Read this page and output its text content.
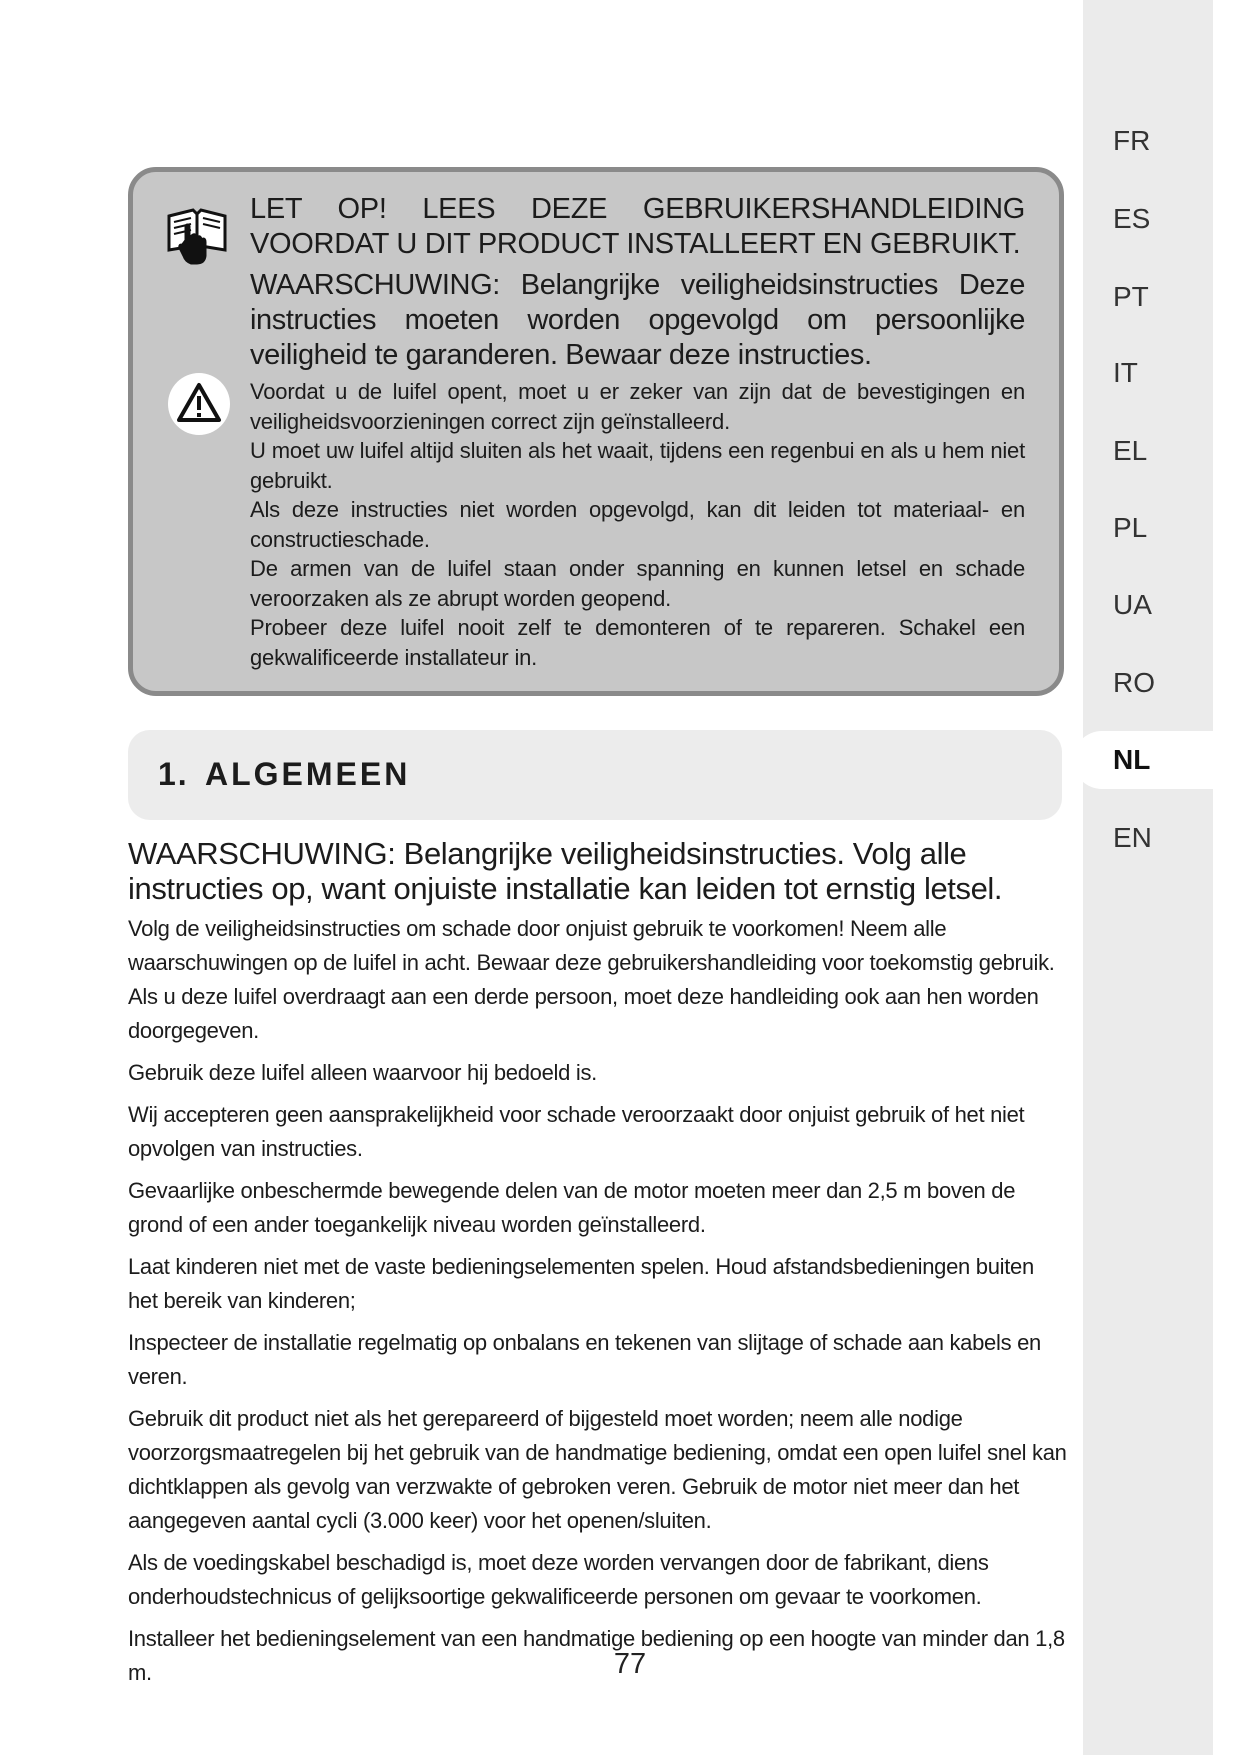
FR
ES
PT
IT
EL
PL
UA
RO
NL
EN

LET OP! LEES DEZE GEBRUIKERSHANDLEIDING VOORDAT U DIT PRODUCT INSTALLEERT EN GEBRUIKT.

WAARSCHUWING: Belangrijke veiligheidsinstructies Deze instructies moeten worden opgevolgd om persoonlijke veiligheid te garanderen. Bewaar deze instructies.

Voordat u de luifel opent, moet u er zeker van zijn dat de bevestigingen en veiligheidsvoorzieningen correct zijn geïnstalleerd.

U moet uw luifel altijd sluiten als het waait, tijdens een regenbui en als u hem niet gebruikt.

Als deze instructies niet worden opgevolgd, kan dit leiden tot materiaal- en constructieschade.

De armen van de luifel staan onder spanning en kunnen letsel en schade veroorzaken als ze abrupt worden geopend.

Probeer deze luifel nooit zelf te demonteren of te repareren. Schakel een gekwalificeerde installateur in.

1. ALGEMEEN

WAARSCHUWING: Belangrijke veiligheidsinstructies. Volg alle instructies op, want onjuiste installatie kan leiden tot ernstig letsel.

Volg de veiligheidsinstructies om schade door onjuist gebruik te voorkomen! Neem alle waarschuwingen op de luifel in acht. Bewaar deze gebruikershandleiding voor toekomstig gebruik. Als u deze luifel overdraagt aan een derde persoon, moet deze handleiding ook aan hen worden doorgegeven.

Gebruik deze luifel alleen waarvoor hij bedoeld is.

Wij accepteren geen aansprakelijkheid voor schade veroorzaakt door onjuist gebruik of het niet opvolgen van instructies.

Gevaarlijke onbeschermde bewegende delen van de motor moeten meer dan 2,5 m boven de grond of een ander toegankelijk niveau worden geïnstalleerd.

Laat kinderen niet met de vaste bedieningselementen spelen. Houd afstandsbedieningen buiten het bereik van kinderen;

Inspecteer de installatie regelmatig op onbalans en tekenen van slijtage of schade aan kabels en veren.

Gebruik dit product niet als het gerepareerd of bijgesteld moet worden; neem alle nodige voorzorgsmaatregelen bij het gebruik van de handmatige bediening, omdat een open luifel snel kan dichtklappen als gevolg van verzwakte of gebroken veren. Gebruik de motor niet meer dan het aangegeven aantal cycli (3.000 keer) voor het openen/sluiten.

Als de voedingskabel beschadigd is, moet deze worden vervangen door de fabrikant, diens onderhoudstechnicus of gelijksoortige gekwalificeerde personen om gevaar te voorkomen.

Installeer het bedieningselement van een handmatige bediening op een hoogte van minder dan 1,8 m.	77
